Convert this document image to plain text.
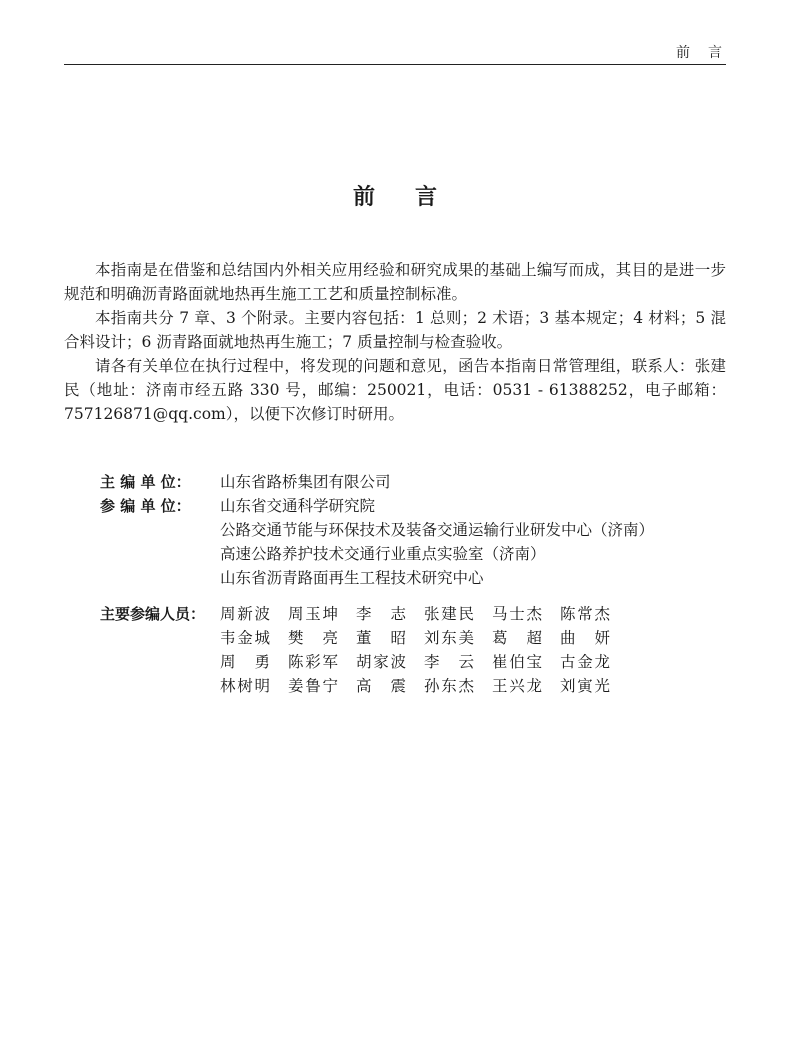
前言
前言

本指南是在借鉴和总结国内外相关应用经验和研究成果的基础上编写而成，其目的是进一步规范和明确沥青路面就地热再生施工工艺和质量控制标准。

本指南共分 7 章、3 个附录。主要内容包括：1 总则；2 术语；3 基本规定；4 材料；5 混合料设计；6 沥青路面就地热再生施工；7 质量控制与检查验收。

请各有关单位在执行过程中，将发现的问题和意见，函告本指南日常管理组，联系人：张建民（地址：济南市经五路 330 号，邮编：250021，电话：0531 - 61388252，电子邮箱：757126871@qq.com），以便下次修订时研用。

主 编 单 位：	山东省路桥集团有限公司
参 编 单 位：	山东省交通科学研究院
公路交通节能与环保技术及装备交通运输行业研发中心（济南）
高速公路养护技术交通行业重点实验室（济南）
山东省沥青路面再生工程技术研究中心
主要参编人员： 周新波 周玉坤 李志 张建民 马士杰 陈常杰
韦金城 樊亮 董昭 刘东美 葛超 曲妍
周勇 陈彩军 胡家波 李云 崔伯宝 古金龙
林树明 姜鲁宁 高震 孙东杰 王兴龙 刘寅光
